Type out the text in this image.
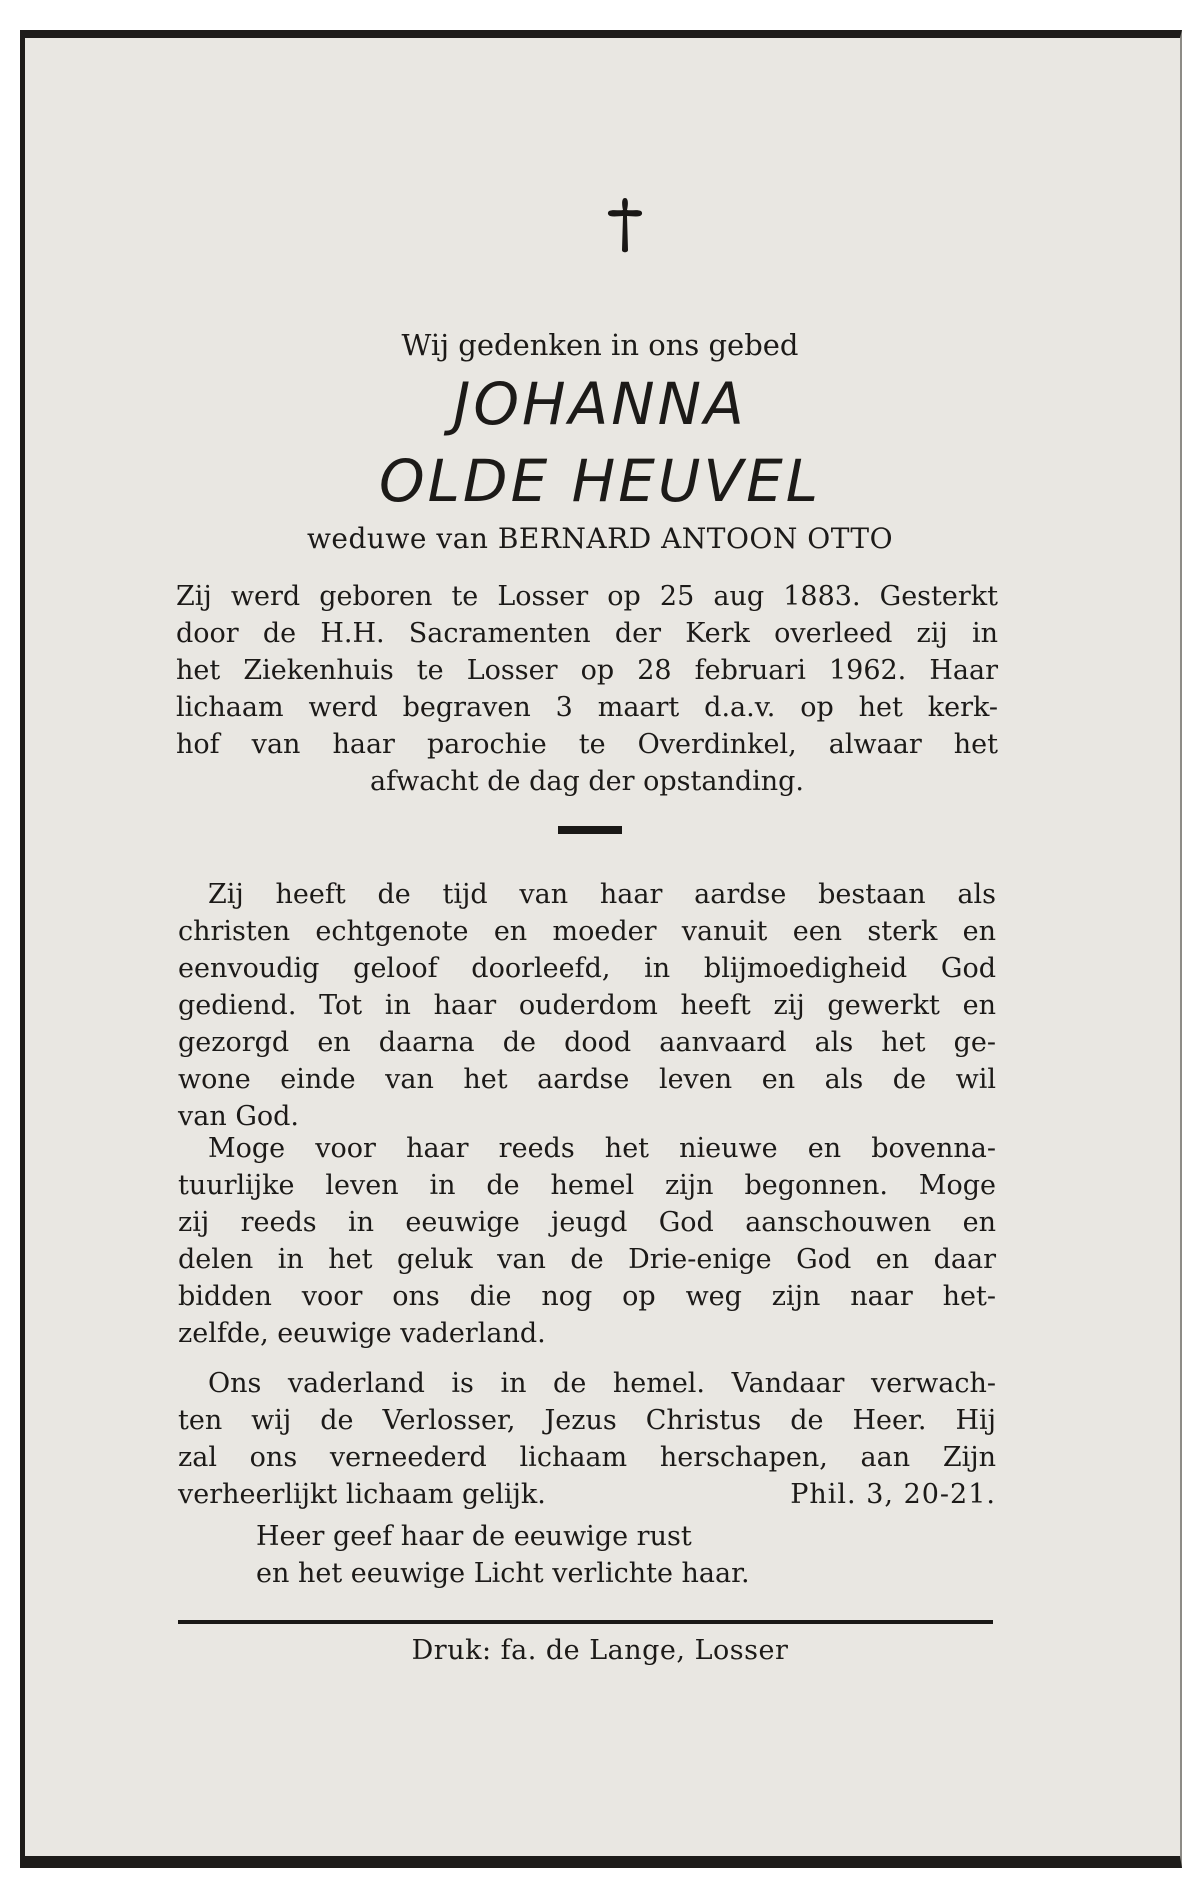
Wij gedenken in ons gebed
JOHANNA
OLDE HEUVEL
weduwe van BERNARD ANTOON OTTO
Zij werd geboren te Losser op 25 aug 1883. Gesterkt
door de H.H. Sacramenten der Kerk overleed zij in
het Ziekenhuis te Losser op 28 februari 1962. Haar
lichaam werd begraven 3 maart d.a.v. op het kerk-
hof van haar parochie te Overdinkel, alwaar het
afwacht de dag der opstanding.
Zij heeft de tijd van haar aardse bestaan als
christen echtgenote en moeder vanuit een sterk en
eenvoudig geloof doorleefd, in blijmoedigheid God
gediend. Tot in haar ouderdom heeft zij gewerkt en
gezorgd en daarna de dood aanvaard als het ge-
wone einde van het aardse leven en als de wil
van God.
Moge voor haar reeds het nieuwe en bovenna-
tuurlijke leven in de hemel zijn begonnen. Moge
zij reeds in eeuwige jeugd God aanschouwen en
delen in het geluk van de Drie-enige God en daar
bidden voor ons die nog op weg zijn naar het-
zelfde, eeuwige vaderland.
Ons vaderland is in de hemel. Vandaar verwach-
ten wij de Verlosser, Jezus Christus de Heer. Hij
zal ons verneederd lichaam herschapen, aan Zijn
verheerlijkt lichaam gelijk.	Phil. 3, 20-21.
Heer geef haar de eeuwige rust
en het eeuwige Licht verlichte haar.
Druk: fa. de Lange, Losser
